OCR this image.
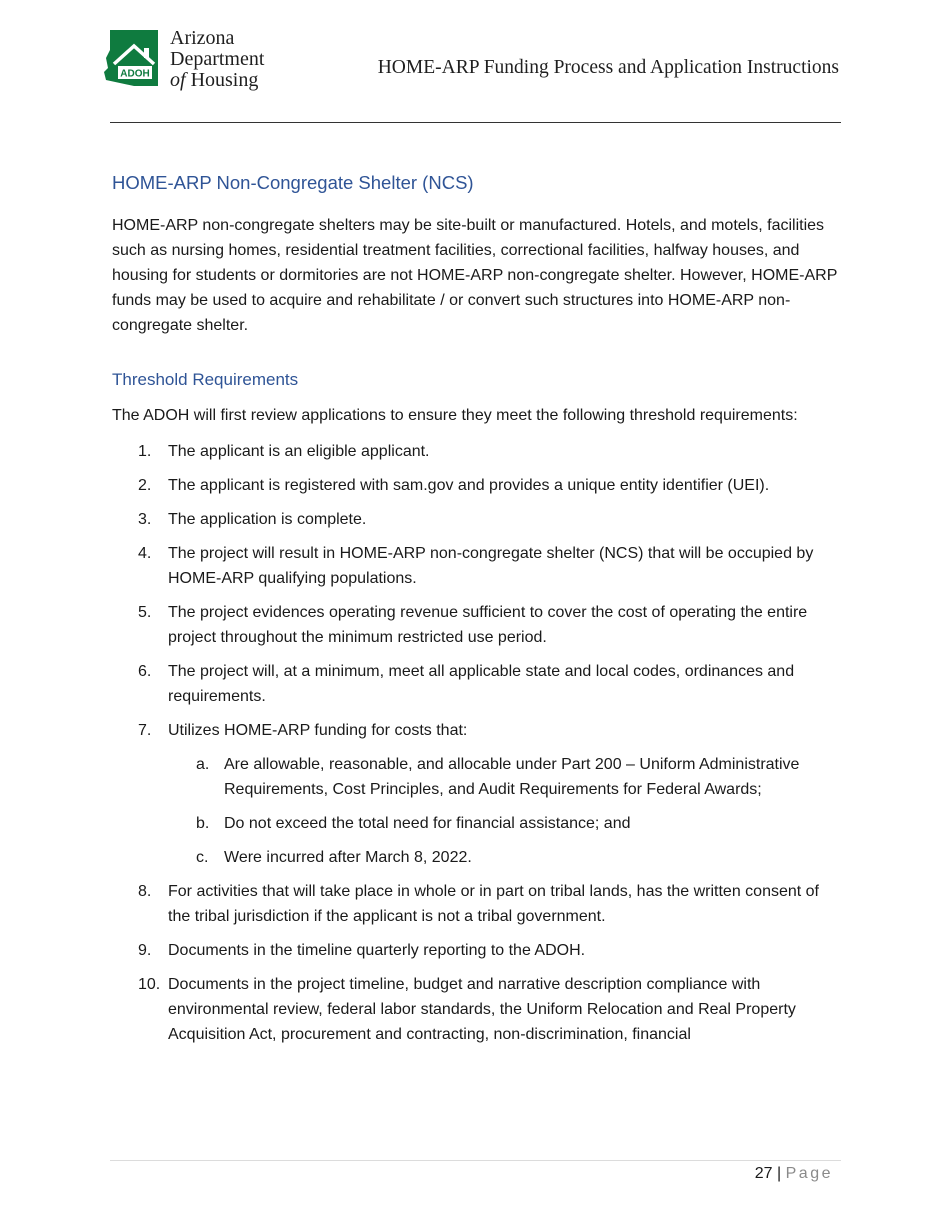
ADOH
Arizona
Department
of Housing
HOME-ARP Funding Process and Application Instructions
HOME-ARP Non-Congregate Shelter (NCS)

HOME-ARP non-congregate shelters may be site-built or manufactured. Hotels, and motels, facilities such as nursing homes, residential treatment facilities, correctional facilities, halfway houses, and housing for students or dormitories are not HOME-ARP non-congregate shelter. However, HOME-ARP funds may be used to acquire and rehabilitate / or convert such structures into HOME-ARP non-congregate shelter.

Threshold Requirements

The ADOH will first review applications to ensure they meet the following threshold requirements:

1. The applicant is an eligible applicant.
2. The applicant is registered with sam.gov and provides a unique entity identifier (UEI).
3. The application is complete.
4. The project will result in HOME-ARP non-congregate shelter (NCS) that will be occupied by HOME-ARP qualifying populations.
5. The project evidences operating revenue sufficient to cover the cost of operating the entire project throughout the minimum restricted use period.
6. The project will, at a minimum, meet all applicable state and local codes, ordinances and requirements.
7. Utilizes HOME-ARP funding for costs that:
a. Are allowable, reasonable, and allocable under Part 200 – Uniform Administrative Requirements, Cost Principles, and Audit Requirements for Federal Awards;
b. Do not exceed the total need for financial assistance; and
c. Were incurred after March 8, 2022.
8. For activities that will take place in whole or in part on tribal lands, has the written consent of the tribal jurisdiction if the applicant is not a tribal government.
9. Documents in the timeline quarterly reporting to the ADOH.
10. Documents in the project timeline, budget and narrative description compliance with environmental review, federal labor standards, the Uniform Relocation and Real Property Acquisition Act, procurement and contracting, non-discrimination, financial
27 | Page
